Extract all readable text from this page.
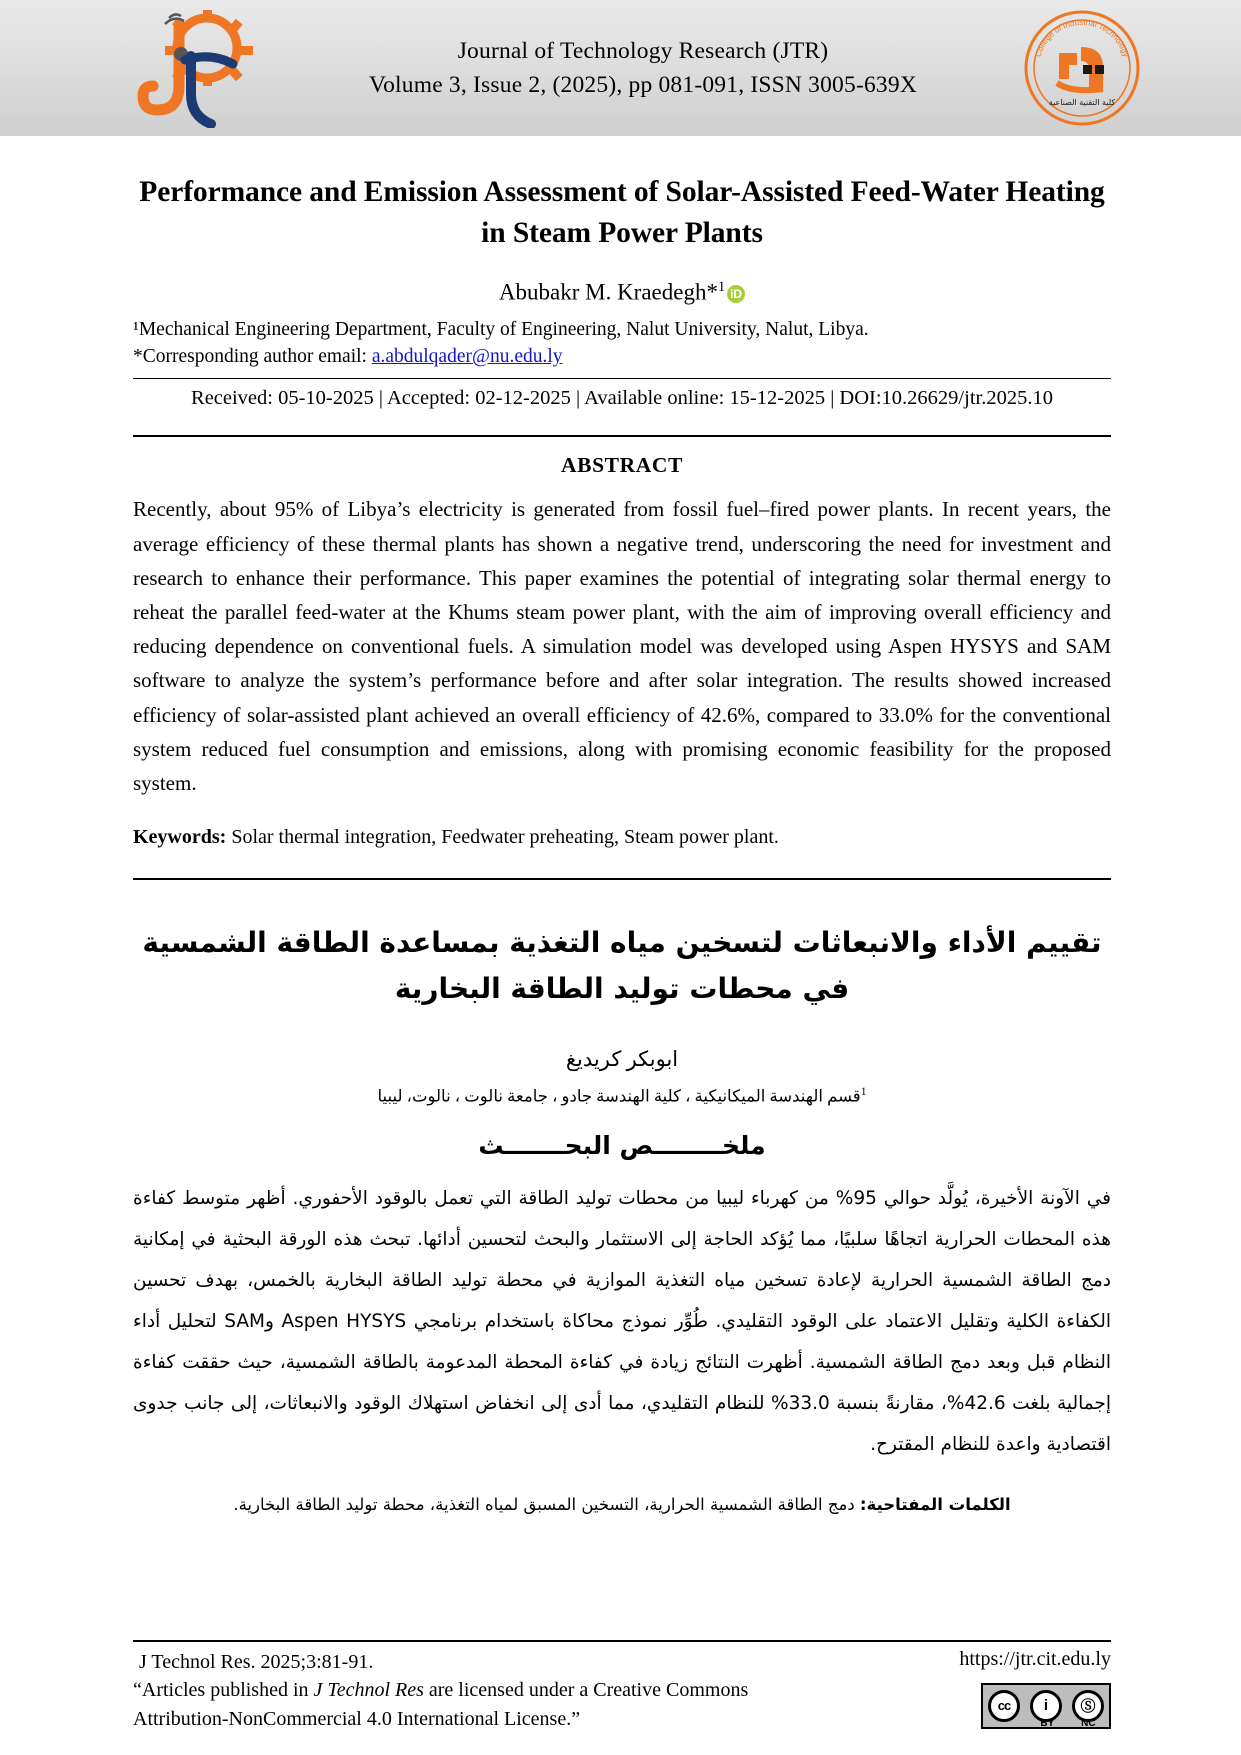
Journal of Technology Research (JTR)
Volume 3, Issue 2, (2025), pp 081-091, ISSN 3005-639X
College of Industrial Technology
كلية التقنية الصناعية
Performance and Emission Assessment of Solar-Assisted Feed-Water Heating in Steam Power Plants
Abubakr M. Kraedegh*$^1$ iD
¹Mechanical Engineering Department, Faculty of Engineering, Nalut University, Nalut, Libya.
*Corresponding author email: a.abdulqader@nu.edu.ly
Received: 05-10-2025 | Accepted: 02-12-2025 | Available online: 15-12-2025 | DOI:10.26629/jtr.2025.10
ABSTRACT
Recently, about 95% of Libya’s electricity is generated from fossil fuel–fired power plants. In recent years, the average efficiency of these thermal plants has shown a negative trend, underscoring the need for investment and research to enhance their performance. This paper examines the potential of integrating solar thermal energy to reheat the parallel feed-water at the Khums steam power plant, with the aim of improving overall efficiency and reducing dependence on conventional fuels. A simulation model was developed using Aspen HYSYS and SAM software to analyze the system’s performance before and after solar integration. The results showed increased efficiency of solar-assisted plant achieved an overall efficiency of 42.6%, compared to 33.0% for the conventional system reduced fuel consumption and emissions, along with promising economic feasibility for the proposed system.
Keywords: Solar thermal integration, Feedwater preheating, Steam power plant.
تقييم الأداء والانبعاثات لتسخين مياه التغذية بمساعدة الطاقة الشمسية في محطات توليد الطاقة البخارية
ابوبكر كريديغ
$^1$قسم الهندسة الميكانيكية ، كلية الهندسة جادو ، جامعة نالوت ، نالوت، ليبيا
ملخــــــــص البحـــــــث
في الآونة الأخيرة، يُولَّد حوالي 95% من كهرباء ليبيا من محطات توليد الطاقة التي تعمل بالوقود الأحفوري. أظهر متوسط كفاءة هذه المحطات الحرارية اتجاهًا سلبيًا، مما يُؤكد الحاجة إلى الاستثمار والبحث لتحسين أدائها. تبحث هذه الورقة البحثية في إمكانية دمج الطاقة الشمسية الحرارية لإعادة تسخين مياه التغذية الموازية في محطة توليد الطاقة البخارية بالخمس، بهدف تحسين الكفاءة الكلية وتقليل الاعتماد على الوقود التقليدي. طُوِّر نموذج محاكاة باستخدام برنامجي Aspen HYSYS وSAM لتحليل أداء النظام قبل وبعد دمج الطاقة الشمسية. أظهرت النتائج زيادة في كفاءة المحطة المدعومة بالطاقة الشمسية، حيث حققت كفاءة إجمالية بلغت 42.6%، مقارنةً بنسبة 33.0% للنظام التقليدي، مما أدى إلى انخفاض استهلاك الوقود والانبعاثات، إلى جانب جدوى اقتصادية واعدة للنظام المقترح.
الكلمات المفتاحية: دمج الطاقة الشمسية الحرارية، التسخين المسبق لمياه التغذية، محطة توليد الطاقة البخارية.
J Technol Res. 2025;3:81-91.
“Articles published in J Technol Res are licensed under a Creative Commons
Attribution-NonCommercial 4.0 International License.”
https://jtr.cit.edu.ly
cc	i	Ⓢ
BY	NC
